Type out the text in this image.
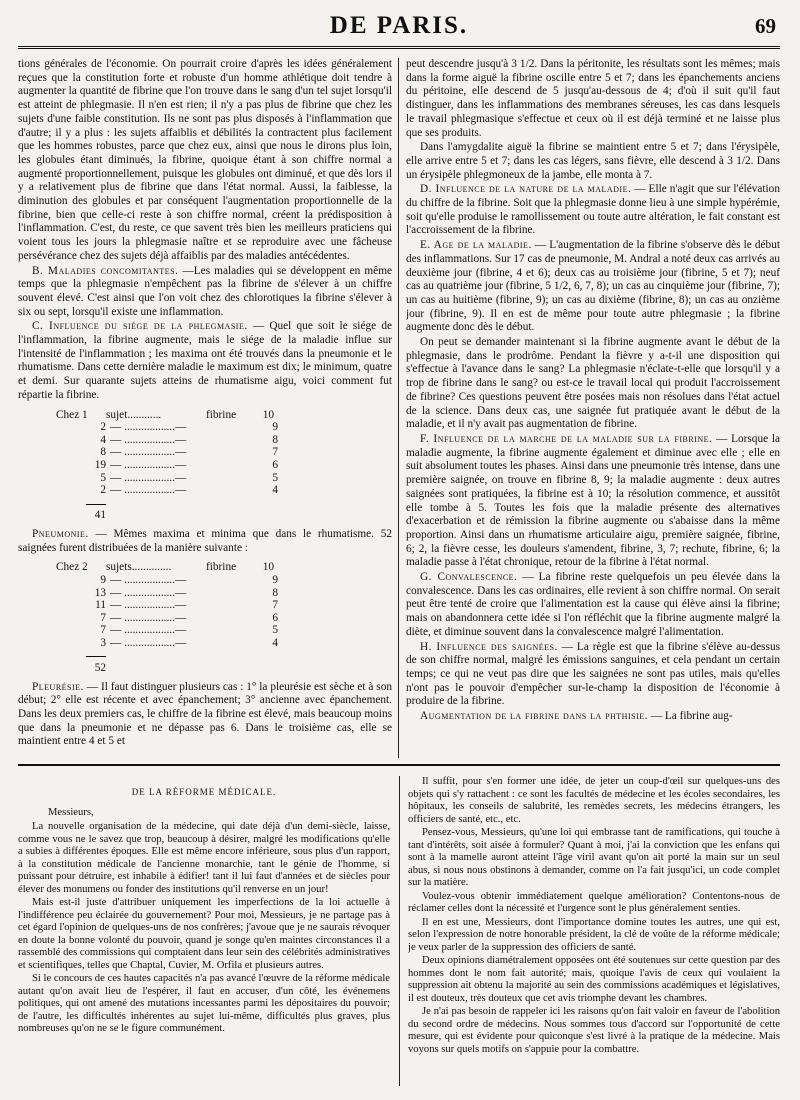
DE PARIS.	69

tions générales de l'économie. On pourrait croire d'après les idées généralement reçues que la constitution forte et robuste d'un homme athlétique doit tendre à augmenter la quantité de fibrine que l'on trouve dans le sang d'un tel sujet lorsqu'il est atteint de phlegmasie. Il n'en est rien; il n'y a pas plus de fibrine que chez les sujets d'une faible constitution. Ils ne sont pas plus disposés à l'inflammation que d'autre; il y a plus : les sujets affaiblis et débilités la contractent plus facilement que les hommes robustes, parce que chez eux, ainsi que nous le dirons plus loin, les globules étant diminués, la fibrine, quoique étant à son chiffre normal a augmenté proportionnellement, puisque les globules ont diminué, et que dès lors il y a relativement plus de fibrine que dans l'état normal. Aussi, la faiblesse, la diminution des globules et par conséquent l'augmentation proportionnelle de la fibrine, bien que celle-ci reste à son chiffre normal, créent la prédisposition à l'inflammation. C'est, du reste, ce que savent très bien les meilleurs praticiens qui voient tous les jours la phlegmasie naître et se reproduire avec une fâcheuse persévérance chez des sujets déjà affaiblis par des maladies antécédentes.

B. Maladies concomitantes. —Les maladies qui se développent en même temps que la phlegmasie n'empêchent pas la fibrine de s'élever à un chiffre souvent élevé. C'est ainsi que l'on voit chez des chlorotiques la fibrine s'élever à six ou sept, lorsqu'il existe une inflammation.

C. Influence du siége de la phlegmasie. — Quel que soit le siége de l'inflammation, la fibrine augmente, mais le siége de la maladie influe sur l'intensité de l'inflammation ; les maxima ont été trouvés dans la pneumonie et le rhumatisme. Dans cette dernière maladie le maximum est dix; le minimum, quatre et demi. Sur quarante sujets atteins de rhumatisme aigu, voici comment fut répartie la fibrine.

Chez 1	sujet............	fibrine	10
2 — ..................—	9
4 — ..................—	8
8 — ..................—	7
19 — ..................—	6
5 — ..................—	5
2 — ..................—	4
41

Pneumonie. — Mêmes maxima et minima que dans le rhumatisme. 52 saignées furent distribuées de la manière suivante :

Chez 2	sujets..............	fibrine	10
9 — ..................—	9
13 — ..................—	8
11 — ..................—	7
7 — ..................—	6
7 — ..................—	5
3 — ..................—	4
52

Pleurésie. — Il faut distinguer plusieurs cas : 1° la pleurésie est sèche et à son début; 2° elle est récente et avec épanchement; 3° ancienne avec épanchement. Dans les deux premiers cas, le chiffre de la fibrine est élevé, mais beaucoup moins que dans la pneumonie et ne dépasse pas 6. Dans le troisième cas, elle se maintient entre 4 et 5 et

peut descendre jusqu'à 3 1/2. Dans la péritonite, les résultats sont les mêmes; mais dans la forme aiguë la fibrine oscille entre 5 et 7; dans les épanchements anciens du péritoine, elle descend de 5 jusqu'au-dessous de 4; d'où il suit qu'il faut distinguer, dans les inflammations des membranes séreuses, les cas dans lesquels le travail phlegmasique s'effectue et ceux où il est déjà terminé et ne laisse plus que ses produits.

Dans l'amygdalite aiguë la fibrine se maintient entre 5 et 7; dans l'érysipèle, elle arrive entre 5 et 7; dans les cas légers, sans fièvre, elle descend à 3 1/2. Dans un érysipèle phlegmoneux de la jambe, elle monta à 7.

D. Influence de la nature de la maladie. — Elle n'agit que sur l'élévation du chiffre de la fibrine. Soit que la phlegmasie donne lieu à une simple hypérémie, soit qu'elle produise le ramollissement ou toute autre altération, le fait constant est l'accroissement de la fibrine.

E. Age de la maladie. — L'augmentation de la fibrine s'observe dès le début des inflammations. Sur 17 cas de pneumonie, M. Andral a noté deux cas arrivés au deuxième jour (fibrine, 4 et 6); deux cas au troisième jour (fibrine, 5 et 7); neuf cas au quatrième jour (fibrine, 5 1/2, 6, 7, 8); un cas au cinquième jour (fibrine, 7); un cas au huitième (fibrine, 9); un cas au dixième (fibrine, 8); un cas au onzième jour (fibrine, 9). Il en est de même pour toute autre phlegmasie ; la fibrine augmente donc dès le début.

On peut se demander maintenant si la fibrine augmente avant le début de la phlegmasie, dans le prodrôme. Pendant la fièvre y a-t-il une disposition qui s'effectue à l'avance dans le sang? La phlegmasie n'éclate-t-elle que lorsqu'il y a trop de fibrine dans le sang? ou est-ce le travail local qui produit l'accroissement de fibrine? Ces questions peuvent être posées mais non résolues dans l'état actuel de la science. Dans deux cas, une saignée fut pratiquée avant le début de la maladie, et il n'y avait pas augmentation de fibrine.

F. Influence de la marche de la maladie sur la fibrine. — Lorsque la maladie augmente, la fibrine augmente également et diminue avec elle ; elle en suit absolument toutes les phases. Ainsi dans une pneumonie très intense, dans une première saignée, on trouve en fibrine 8, 9; la maladie augmente : deux autres saignées sont pratiquées, la fibrine est à 10; la résolution commence, et aussitôt elle tombe à 5. Toutes les fois que la maladie présente des alternatives d'exacerbation et de rémission la fibrine augmente ou s'abaisse dans la même proportion. Ainsi dans un rhumatisme articulaire aigu, première saignée, fibrine, 6; 2, la fièvre cesse, les douleurs s'amendent, fibrine, 3, 7; rechute, fibrine, 6; la maladie passe à l'état chronique, retour de la fibrine à l'état normal.

G. Convalescence. — La fibrine reste quelquefois un peu élevée dans la convalescence. Dans les cas ordinaires, elle revient à son chiffre normal. On serait peut être tenté de croire que l'alimentation est la cause qui élève ainsi la fibrine; mais on abandonnera cette idée si l'on réfléchit que la fibrine augmente malgré la diète, et diminue souvent dans la convalescence malgré l'alimentation.

H. Influence des saignées. — La règle est que la fibrine s'élève au-dessus de son chiffre normal, malgré les émissions sanguines, et cela pendant un certain temps; ce qui ne veut pas dire que les saignées ne sont pas utiles, mais qu'elles n'ont pas le pouvoir d'empêcher sur-le-champ la disposition de l'économie à produire de la fibrine.

Augmentation de la fibrine dans la phthisie. — La fibrine aug-

DE LA RÉFORME MÉDICALE.
Messieurs,

La nouvelle organisation de la médecine, qui date déjà d'un demi-siècle, laisse, comme vous ne le savez que trop, beaucoup à désirer, malgré les modifications qu'elle a subies à différentes époques. Elle est même encore inférieure, sous plus d'un rapport, à la constitution médicale de l'ancienne monarchie, tant le génie de l'homme, si puissant pour détruire, est inhabile à édifier! tant il lui faut d'années et de siècles pour élever des monumens ou fonder des institutions qu'il renverse en un jour!

Mais est-il juste d'attribuer uniquement les imperfections de la loi actuelle à l'indifférence peu éclairée du gouvernement? Pour moi, Messieurs, je ne partage pas à cet égard l'opinion de quelques-uns de nos confrères; j'avoue que je ne saurais révoquer en doute la bonne volonté du pouvoir, quand je songe qu'en maintes circonstances il a rassemblé des commissions qui comptaient dans leur sein des célébrités administratives et scientifiques, telles que Chaptal, Cuvier, M. Orfila et plusieurs autres.

Si le concours de ces hautes capacités n'a pas avancé l'œuvre de la réforme médicale autant qu'on avait lieu de l'espérer, il faut en accuser, d'un côté, les événemens politiques, qui ont amené des mutations incessantes parmi les dépositaires du pouvoir; de l'autre, les difficultés inhérentes au sujet lui-même, difficultés plus graves, plus nombreuses qu'on ne se le figure communément.

Il suffit, pour s'en former une idée, de jeter un coup-d'œil sur quelques-uns des objets qui s'y rattachent : ce sont les facultés de médecine et les écoles secondaires, les hôpitaux, les conseils de salubrité, les remèdes secrets, les médecins étrangers, les officiers de santé, etc., etc.

Pensez-vous, Messieurs, qu'une loi qui embrasse tant de ramifications, qui touche à tant d'intérêts, soit aisée à formuler? Quant à moi, j'ai la conviction que les enfans qui sont à la mamelle auront atteint l'âge viril avant qu'on ait porté la main sur un seul abus, si nous nous obstinons à demander, comme on l'a fait jusqu'ici, un code complet sur la matière.

Voulez-vous obtenir immédiatement quelque amélioration? Contentons-nous de réclamer celles dont la nécessité et l'urgence sont le plus généralement senties.

Il en est une, Messieurs, dont l'importance domine toutes les autres, une qui est, selon l'expression de notre honorable président, la clé de voûte de la réforme médicale; je veux parler de la suppression des officiers de santé.

Deux opinions diamétralement opposées ont été soutenues sur cette question par des hommes dont le nom fait autorité; mais, quoique l'avis de ceux qui voulaient la suppression ait obtenu la majorité au sein des commissions académiques et législatives, il est douteux, très douteux que cet avis triomphe devant les chambres.

Je n'ai pas besoin de rappeler ici les raisons qu'on fait valoir en faveur de l'abolition du second ordre de médecins. Nous sommes tous d'accord sur l'opportunité de cette mesure, qui est évidente pour quiconque s'est livré à la pratique de la médecine. Mais voyons sur quels motifs on s'appuie pour la combattre.
